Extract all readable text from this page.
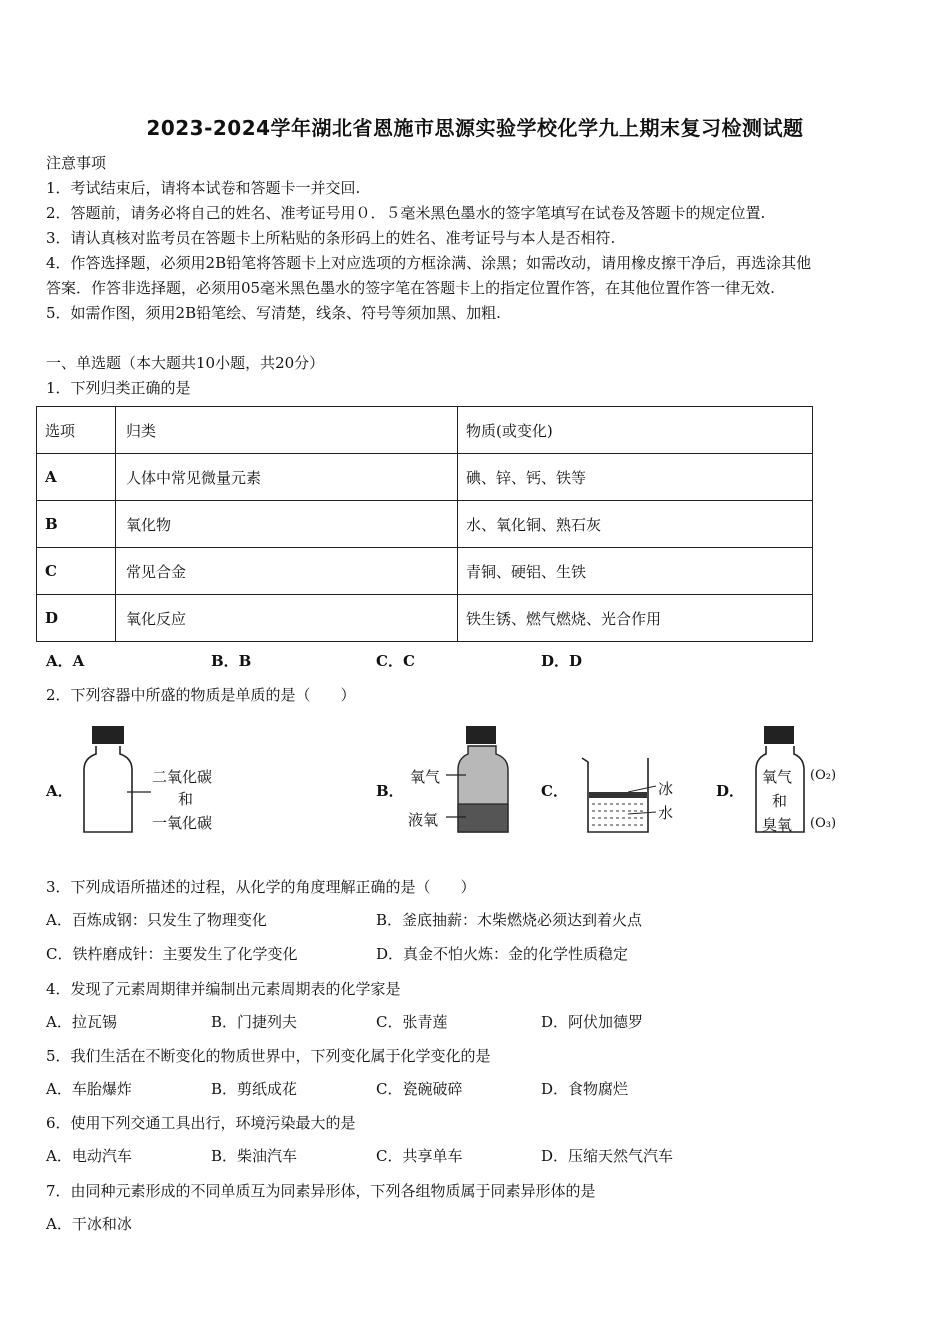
2023-2024学年湖北省恩施市思源实验学校化学九上期末复习检测试题
注意事项
1．考试结束后，请将本试卷和答题卡一并交回.
2．答题前，请务必将自己的姓名、准考证号用０．５毫米黑色墨水的签字笔填写在试卷及答题卡的规定位置.
3．请认真核对监考员在答题卡上所粘贴的条形码上的姓名、准考证号与本人是否相符.
4．作答选择题，必须用2B铅笔将答题卡上对应选项的方框涂满、涂黑；如需改动，请用橡皮擦干净后，再选涂其他
答案．作答非选择题，必须用05毫米黑色墨水的签字笔在答题卡上的指定位置作答，在其他位置作答一律无效.
5．如需作图，须用2B铅笔绘、写清楚，线条、符号等须加黑、加粗.
一、单选题（本大题共10小题，共20分）
1．下列归类正确的是
选项	归类	物质(或变化)
A	人体中常见微量元素	碘、锌、钙、铁等
B	氧化物	水、氧化铜、熟石灰
C	常见合金	青铜、硬铝、生铁
D	氧化反应	铁生锈、燃气燃烧、光合作用
A．A	B．B	C．C	D．D
2．下列容器中所盛的物质是单质的是（　　）
A．
二氧化碳
和
一氧化碳
B．
氧气
液氧
C．	冰
水
D．
氧气
和
臭氧
(O₂)
(O₃)
3．下列成语所描述的过程，从化学的角度理解正确的是（　　）
A．百炼成钢：只发生了物理变化	B．釜底抽薪：木柴燃烧必须达到着火点
C．铁杵磨成针：主要发生了化学变化	D．真金不怕火炼：金的化学性质稳定
4．发现了元素周期律并编制出元素周期表的化学家是
A．拉瓦锡	B．门捷列夫	C．张青莲	D．阿伏加德罗
5．我们生活在不断变化的物质世界中，下列变化属于化学变化的是
A．车胎爆炸	B．剪纸成花	C．瓷碗破碎	D．食物腐烂
6．使用下列交通工具出行，环境污染最大的是
A．电动汽车	B．柴油汽车	C．共享单车	D．压缩天然气汽车
7．由同种元素形成的不同单质互为同素异形体，下列各组物质属于同素异形体的是
A．干冰和冰
